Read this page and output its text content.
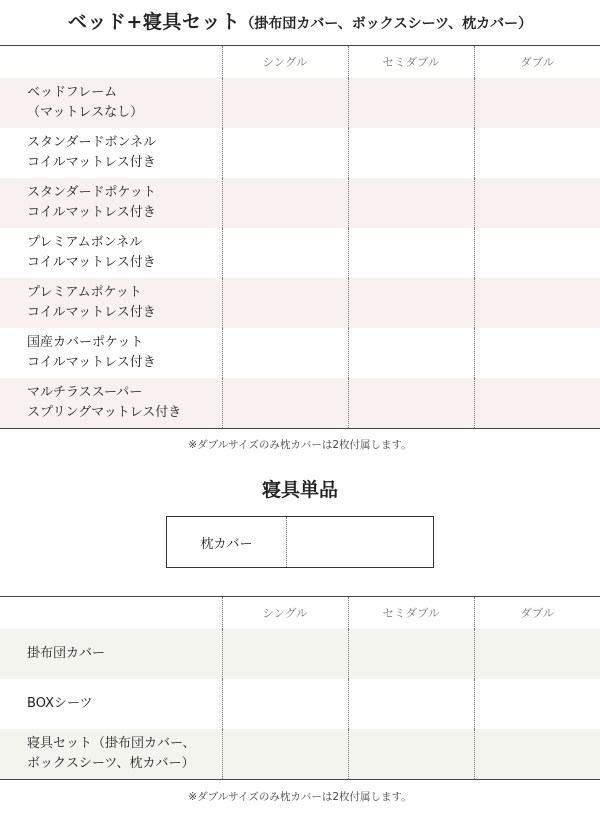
ベッド+寝具セット（掛布団カバー、ボックスシーツ、枕カバー）
	シングル	セミダブル	ダブル

ベッドフレーム
（マットレスなし）			

スタンダードボンネル
コイルマットレス付き			

スタンダードポケット
コイルマットレス付き			

プレミアムボンネル
コイルマットレス付き			

プレミアムポケット
コイルマットレス付き			

国産カバーポケット
コイルマットレス付き			

マルチラススーパー
スプリングマットレス付き			

※ダブルサイズのみ枕カバーは2枚付属します。
寝具単品
枕カバー
	シングル	セミダブル	ダブル

掛布団カバー			

BOXシーツ			

寝具セット（掛布団カバー、
ボックスシーツ、枕カバー）			

※ダブルサイズのみ枕カバーは2枚付属します。
